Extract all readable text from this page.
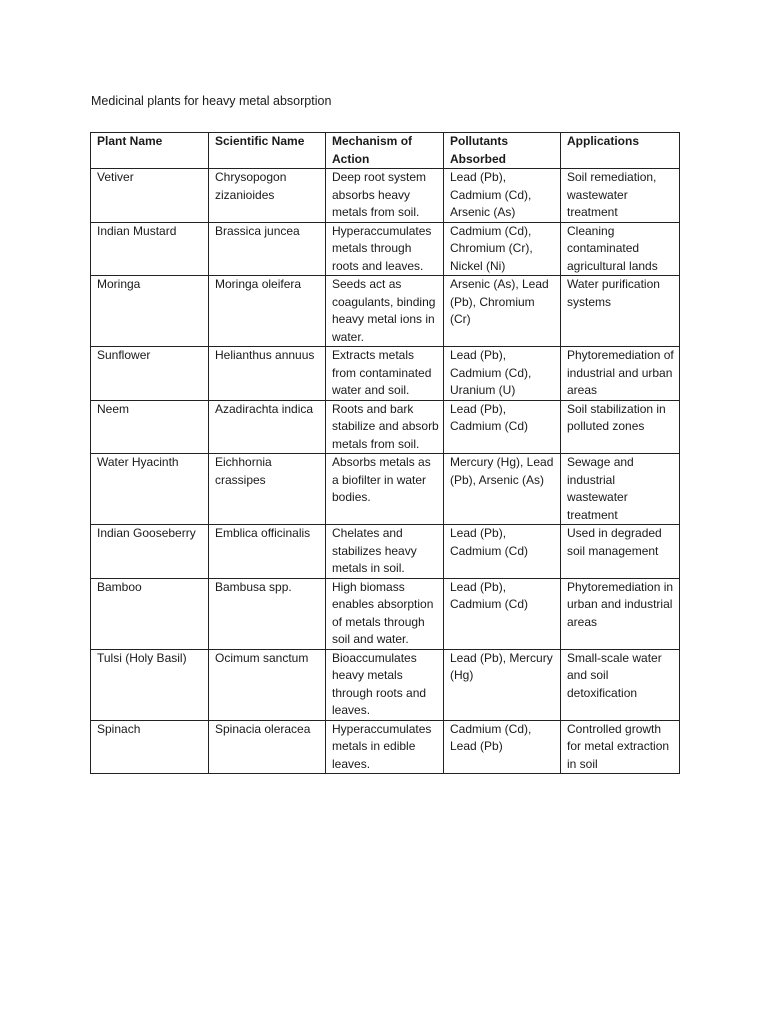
Medicinal plants for heavy metal absorption
Plant Name	Scientific Name	Mechanism of Action	Pollutants Absorbed	Applications
Vetiver	Chrysopogon zizanioides	Deep root system absorbs heavy metals from soil.	Lead (Pb), Cadmium (Cd), Arsenic (As)	Soil remediation, wastewater treatment
Indian Mustard	Brassica juncea	Hyperaccumulates metals through roots and leaves.	Cadmium (Cd), Chromium (Cr), Nickel (Ni)	Cleaning contaminated agricultural lands
Moringa	Moringa oleifera	Seeds act as coagulants, binding heavy metal ions in water.	Arsenic (As), Lead (Pb), Chromium (Cr)	Water purification systems
Sunflower	Helianthus annuus	Extracts metals from contaminated water and soil.	Lead (Pb), Cadmium (Cd), Uranium (U)	Phytoremediation of industrial and urban areas
Neem	Azadirachta indica	Roots and bark stabilize and absorb metals from soil.	Lead (Pb), Cadmium (Cd)	Soil stabilization in polluted zones
Water Hyacinth	Eichhornia crassipes	Absorbs metals as a biofilter in water bodies.	Mercury (Hg), Lead (Pb), Arsenic (As)	Sewage and industrial wastewater treatment
Indian Gooseberry	Emblica officinalis	Chelates and stabilizes heavy metals in soil.	Lead (Pb), Cadmium (Cd)	Used in degraded soil management
Bamboo	Bambusa spp.	High biomass enables absorption of metals through soil and water.	Lead (Pb), Cadmium (Cd)	Phytoremediation in urban and industrial areas
Tulsi (Holy Basil)	Ocimum sanctum	Bioaccumulates heavy metals through roots and leaves.	Lead (Pb), Mercury (Hg)	Small-scale water and soil detoxification
Spinach	Spinacia oleracea	Hyperaccumulates metals in edible leaves.	Cadmium (Cd), Lead (Pb)	Controlled growth for metal extraction in soil
